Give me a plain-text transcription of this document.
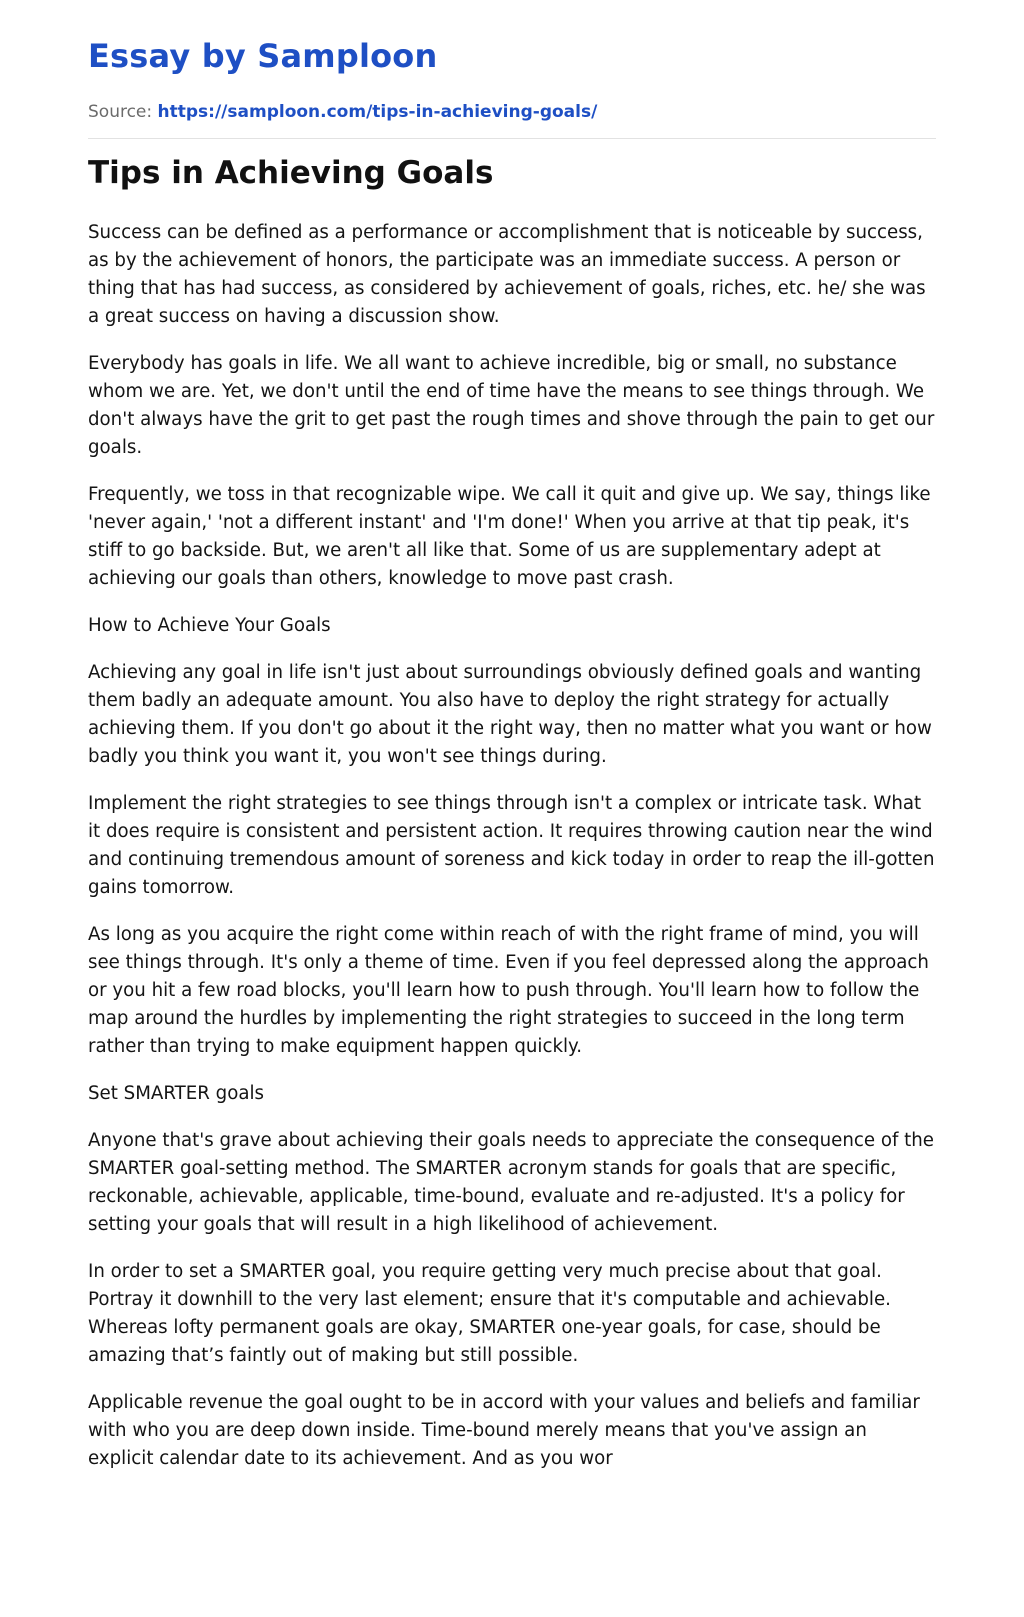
Essay by Samploon
Source: https://samploon.com/tips-in-achieving-goals/
Tips in Achieving Goals

Success can be defined as a performance or accomplishment that is noticeable by success, as by the achievement of honors, the participate was an immediate success. A person or thing that has had success, as considered by achievement of goals, riches, etc. he/ she was a great success on having a discussion show.

Everybody has goals in life. We all want to achieve incredible, big or small, no substance whom we are. Yet, we don't until the end of time have the means to see things through. We don't always have the grit to get past the rough times and shove through the pain to get our goals.

Frequently, we toss in that recognizable wipe. We call it quit and give up. We say, things like 'never again,' 'not a different instant' and 'I'm done!' When you arrive at that tip peak, it's stiff to go backside. But, we aren't all like that. Some of us are supplementary adept at achieving our goals than others, knowledge to move past crash.

How to Achieve Your Goals

Achieving any goal in life isn't just about surroundings obviously defined goals and wanting them badly an adequate amount. You also have to deploy the right strategy for actually achieving them. If you don't go about it the right way, then no matter what you want or how badly you think you want it, you won't see things during.

Implement the right strategies to see things through isn't a complex or intricate task. What it does require is consistent and persistent action. It requires throwing caution near the wind and continuing tremendous amount of soreness and kick today in order to reap the ill-gotten gains tomorrow.

As long as you acquire the right come within reach of with the right frame of mind, you will see things through. It's only a theme of time. Even if you feel depressed along the approach or you hit a few road blocks, you'll learn how to push through. You'll learn how to follow the map around the hurdles by implementing the right strategies to succeed in the long term rather than trying to make equipment happen quickly.

Set SMARTER goals

Anyone that's grave about achieving their goals needs to appreciate the consequence of the SMARTER goal-setting method. The SMARTER acronym stands for goals that are specific, reckonable, achievable, applicable, time-bound, evaluate and re-adjusted. It's a policy for setting your goals that will result in a high likelihood of achievement.

In order to set a SMARTER goal, you require getting very much precise about that goal. Portray it downhill to the very last element; ensure that it's computable and achievable. Whereas lofty permanent goals are okay, SMARTER one-year goals, for case, should be amazing that’s faintly out of making but still possible.

Applicable revenue the goal ought to be in accord with your values and beliefs and familiar with who you are deep down inside. Time-bound merely means that you've assign an explicit calendar date to its achievement. And as you wor
